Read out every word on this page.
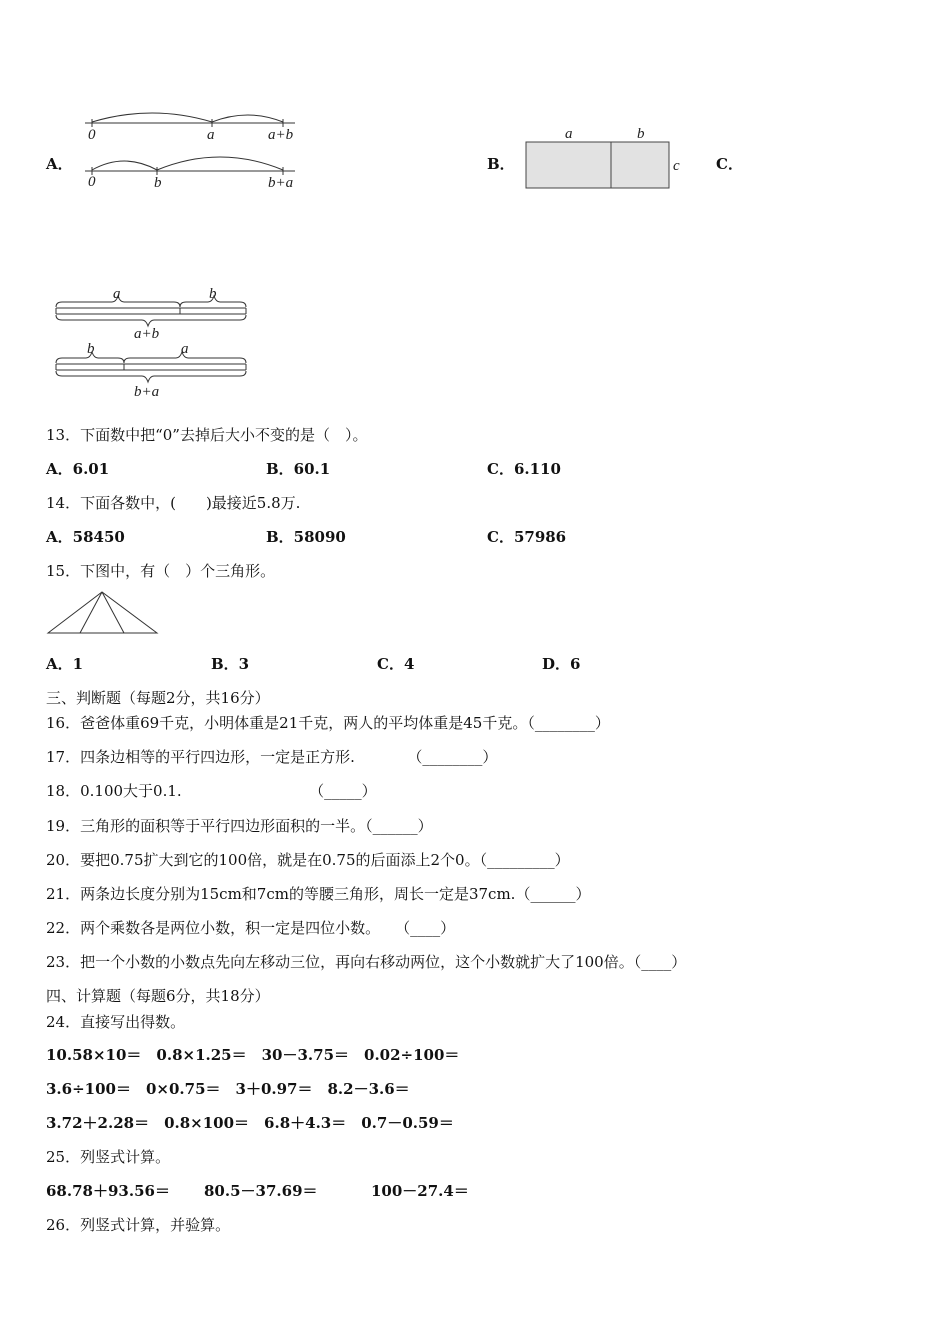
A．
0	a	a+b
0	b	b+a
B．
a	b
c C．
a	b
a+b
b	a
b+a
13．下面数中把“0”去掉后大小不变的是（　）。
A．6.01	B．60.1	C．6.110
14．下面各数中，(　　)最接近5.8万.
A．58450	B．58090	C．57986
15．下图中，有（　）个三角形。
A．1	B．3	C．4	D．6
三、判断题（每题2分，共16分）
16．爸爸体重69千克，小明体重是21千克，两人的平均体重是45千克。（________）
17．四条边相等的平行四边形，一定是正方形.　　　　（________）
18．0.100大于0.1.　　　　　　　　　（_____）
19．三角形的面积等于平行四边形面积的一半。（______）
20．要把0.75扩大到它的100倍，就是在0.75的后面添上2个0。（_________）
21．两条边长度分别为15cm和7cm的等腰三角形，周长一定是37cm.（______）
22．两个乘数各是两位小数，积一定是四位小数。　　（____）
23．把一个小数的小数点先向左移动三位，再向右移动两位，这个小数就扩大了100倍。（____）
四、计算题（每题6分，共18分）
24．直接写出得数。
10.58×10＝　0.8×1.25＝　30－3.75＝　0.02÷100＝
3.6÷100＝　0×0.75＝　3＋0.97＝　8.2－3.6＝
3.72＋2.28＝　0.8×100＝　6.8＋4.3＝　0.7－0.59＝
25．列竖式计算。
68.78＋93.56＝ 80.5－37.69＝	100－27.4＝
26．列竖式计算，并验算。
